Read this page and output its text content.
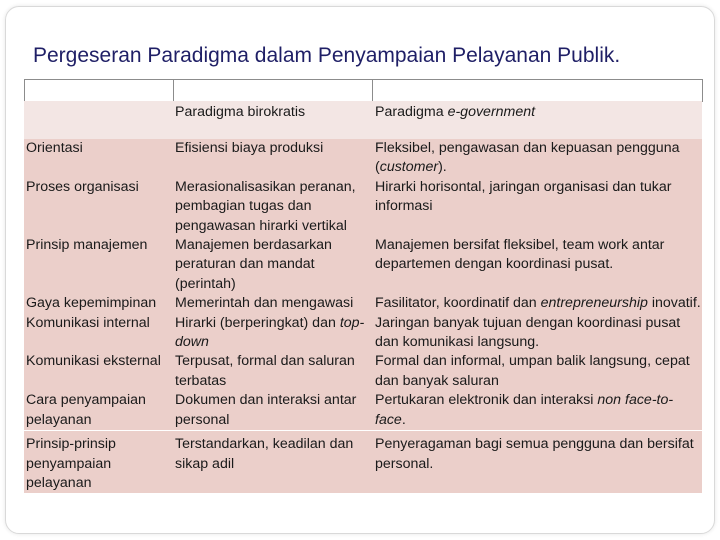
Pergeseran Paradigma dalam Penyampaian Pelayanan Publik.
	Paradigma birokratis	Paradigma e-government
Orientasi	Efisiensi biaya produksi	Fleksibel, pengawasan dan kepuasan pengguna (customer).
Proses organisasi	Merasionalisasikan peranan, pembagian tugas dan pengawasan hirarki vertikal	Hirarki horisontal, jaringan organisasi dan tukar informasi
Prinsip manajemen	Manajemen berdasarkan peraturan dan mandat (perintah)	Manajemen bersifat fleksibel, team work antar departemen dengan koordinasi pusat.
Gaya kepemimpinan	Memerintah dan mengawasi	Fasilitator, koordinatif dan entrepreneurship inovatif.
Komunikasi internal	Hirarki (berperingkat) dan top-down	Jaringan banyak tujuan dengan koordinasi pusat dan komunikasi langsung.
Komunikasi eksternal	Terpusat, formal dan saluran terbatas	Formal dan informal, umpan balik langsung, cepat dan banyak saluran
Cara penyampaian pelayanan	Dokumen dan interaksi antar personal	Pertukaran elektronik dan interaksi non face-to-face.

Prinsip-prinsip penyampaian pelayanan	Terstandarkan, keadilan dan sikap adil	Penyeragaman bagi semua pengguna dan bersifat personal.
